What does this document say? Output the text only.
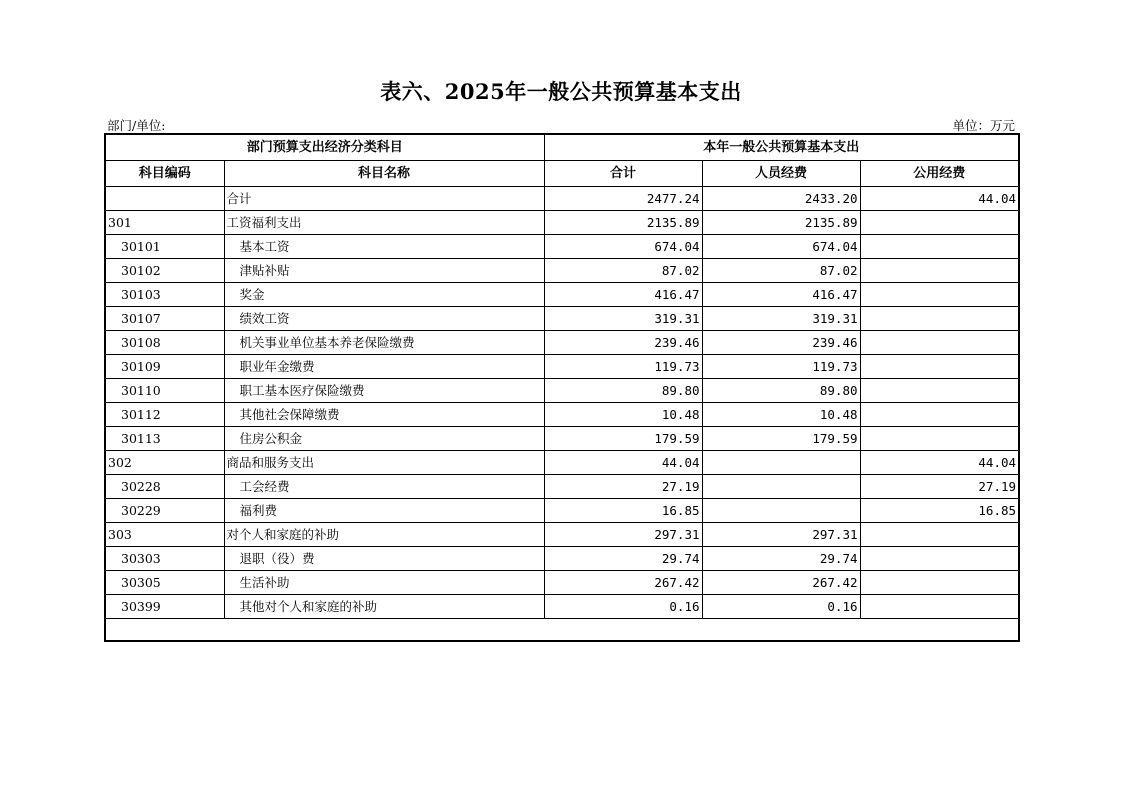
表六、2025年一般公共预算基本支出
部门/单位:	单位：万元
部门预算支出经济分类科目		本年一般公共预算基本支出		
科目编码	科目名称	合计	人员经费	公用经费
	合计	2477.24	2433.20	44.04
301	工资福利支出	2135.89	2135.89	
30101	基本工资	674.04	674.04	
30102	津贴补贴	87.02	87.02	
30103	奖金	416.47	416.47	
30107	绩效工资	319.31	319.31	
30108	机关事业单位基本养老保险缴费	239.46	239.46	
30109	职业年金缴费	119.73	119.73	
30110	职工基本医疗保险缴费	89.80	89.80	
30112	其他社会保障缴费	10.48	10.48	
30113	住房公积金	179.59	179.59	
302	商品和服务支出	44.04		44.04
30228	工会经费	27.19		27.19
30229	福利费	16.85		16.85
303	对个人和家庭的补助	297.31	297.31	
30303	退职（役）费	29.74	29.74	
30305	生活补助	267.42	267.42	
30399	其他对个人和家庭的补助	0.16	0.16	
